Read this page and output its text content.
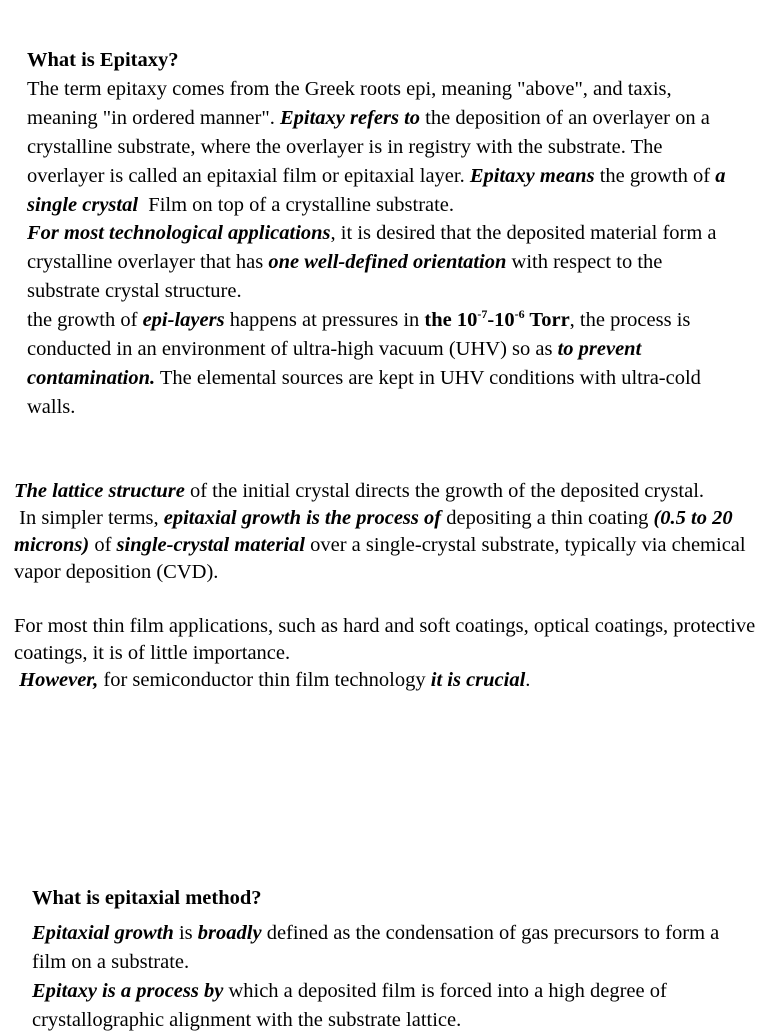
What is Epitaxy?

The term epitaxy comes from the Greek roots epi, meaning "above", and taxis, meaning "in ordered manner". Epitaxy refers to the deposition of an overlayer on a crystalline substrate, where the overlayer is in registry with the substrate. The overlayer is called an epitaxial film or epitaxial layer. Epitaxy means the growth of a single crystal  Film on top of a crystalline substrate.

For most technological applications, it is desired that the deposited material form a crystalline overlayer that has one well-defined orientation with respect to the substrate crystal structure.

the growth of epi-layers happens at pressures in the $10^{-7}-10^{-6}$ Torr, the process is conducted in an environment of ultra-high vacuum (UHV) so as to prevent contamination. The elemental sources are kept in UHV conditions with ultra-cold walls.

The lattice structure of the initial crystal directs the growth of the deposited crystal.

In simpler terms, epitaxial growth is the process of depositing a thin coating (0.5 to 20 microns) of single-crystal material over a single-crystal substrate, typically via chemical vapor deposition (CVD).

For most thin film applications, such as hard and soft coatings, optical coatings, protective coatings, it is of little importance.

However, for semiconductor thin film technology it is crucial.

What is epitaxial method?

Epitaxial growth is broadly defined as the condensation of gas precursors to form a film on a substrate.

Epitaxy is a process by which a deposited film is forced into a high degree of crystallographic alignment with the substrate lattice.
